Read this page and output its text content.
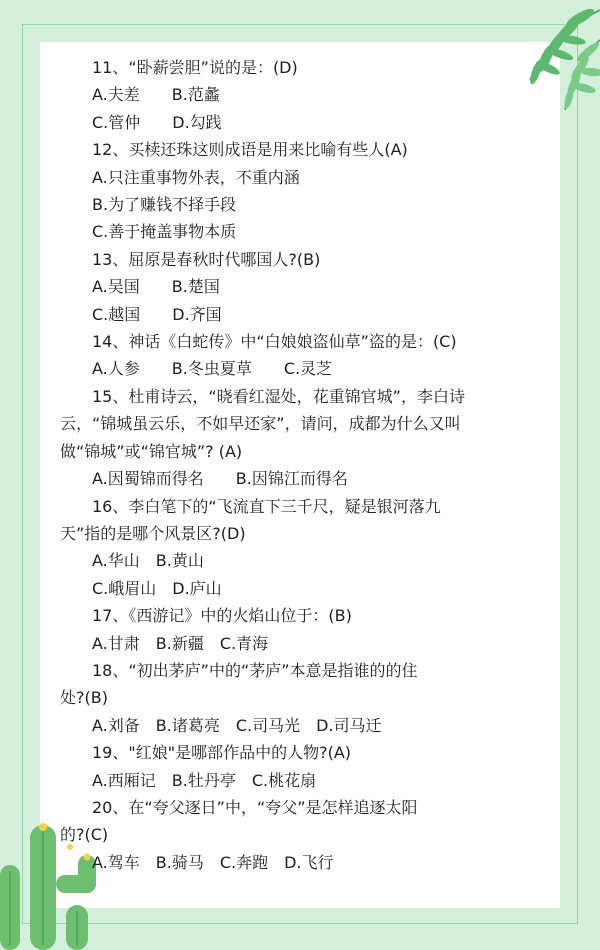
11、“卧薪尝胆”说的是：(D)
A.夫差　　B.范蠡
C.管仲　　D.勾践
12、买椟还珠这则成语是用来比喻有些人(A)
A.只注重事物外表，不重内涵
B.为了赚钱不择手段
C.善于掩盖事物本质
13、屈原是春秋时代哪国人?(B)
A.吴国　　B.楚国
C.越国　　D.齐国
14、神话《白蛇传》中“白娘娘盗仙草”盗的是：(C)
A.人参　　B.冬虫夏草　　C.灵芝
15、杜甫诗云，“晓看红湿处，花重锦官城”，李白诗
云，“锦城虽云乐，不如早还家”，请问，成都为什么又叫
做“锦城”或“锦官城”? (A)
A.因蜀锦而得名　　B.因锦江而得名
16、李白笔下的“飞流直下三千尺，疑是银河落九
天”指的是哪个风景区?(D)
A.华山　B.黄山
C.峨眉山　D.庐山
17、《西游记》中的火焰山位于：(B)
A.甘肃　B.新疆　C.青海
18、“初出茅庐”中的“茅庐”本意是指谁的的住
处?(B)
A.刘备　B.诸葛亮　C.司马光　D.司马迁
19、"红娘"是哪部作品中的人物?(A)
A.西厢记　B.牡丹亭　C.桃花扇
20、在“夸父逐日”中，“夸父”是怎样追逐太阳
的?(C)
A.驾车　B.骑马　C.奔跑　D.飞行
